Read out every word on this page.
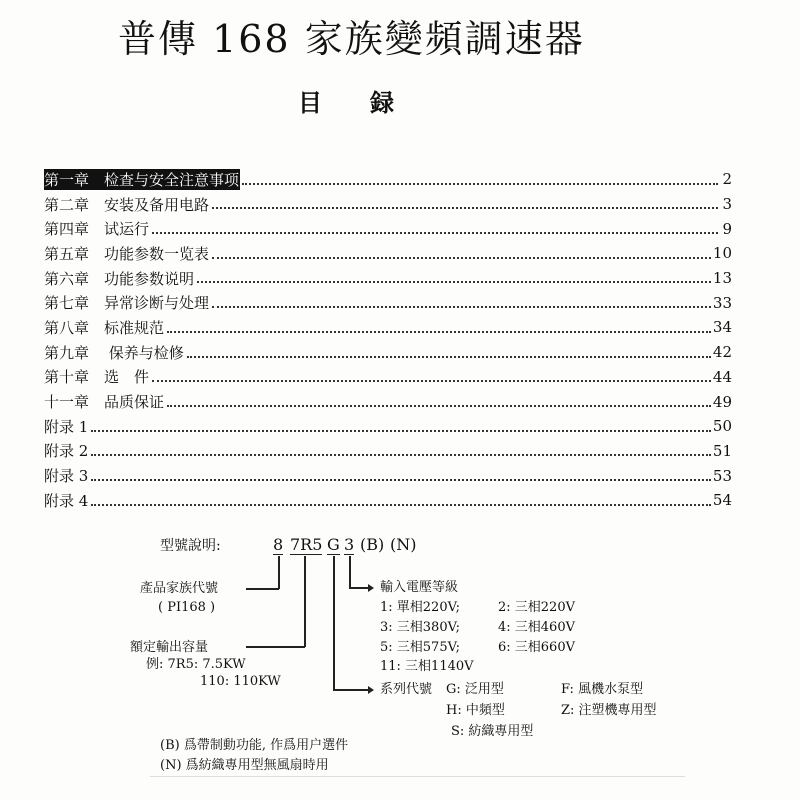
普傳 168 家族變頻調速器
目　　録
第一章　检查与安全注意事项	2
第二章　安装及备用电路	3
第四章　试运行	9
第五章　功能参数一览表	10
第六章　功能参数说明	13
第七章　异常诊断与处理	33
第八章　标准规范	34
第九章　 保养与检修	42
第十章　选　件	44
十一章　品质保证	49
附录 1	50
附录 2	51
附录 3	53
附录 4	54
型號說明:	8 7R5 G 3 (B) (N)
產品家族代號
( PI168 )
額定輸出容量
例: 7R5: 7.5KW
110: 110KW
系列代號 G: 泛用型	F: 風機水泵型
H: 中頻型	Z: 注塑機專用型
S: 紡織專用型
輸入電壓等級
1: 單相220V;	2: 三相220V
3: 三相380V;	4: 三相460V
5: 三相575V;	6: 三相660V
11: 三相1140V
(B) 爲帶制動功能, 作爲用户選件
(N) 爲紡織專用型無風扇時用
